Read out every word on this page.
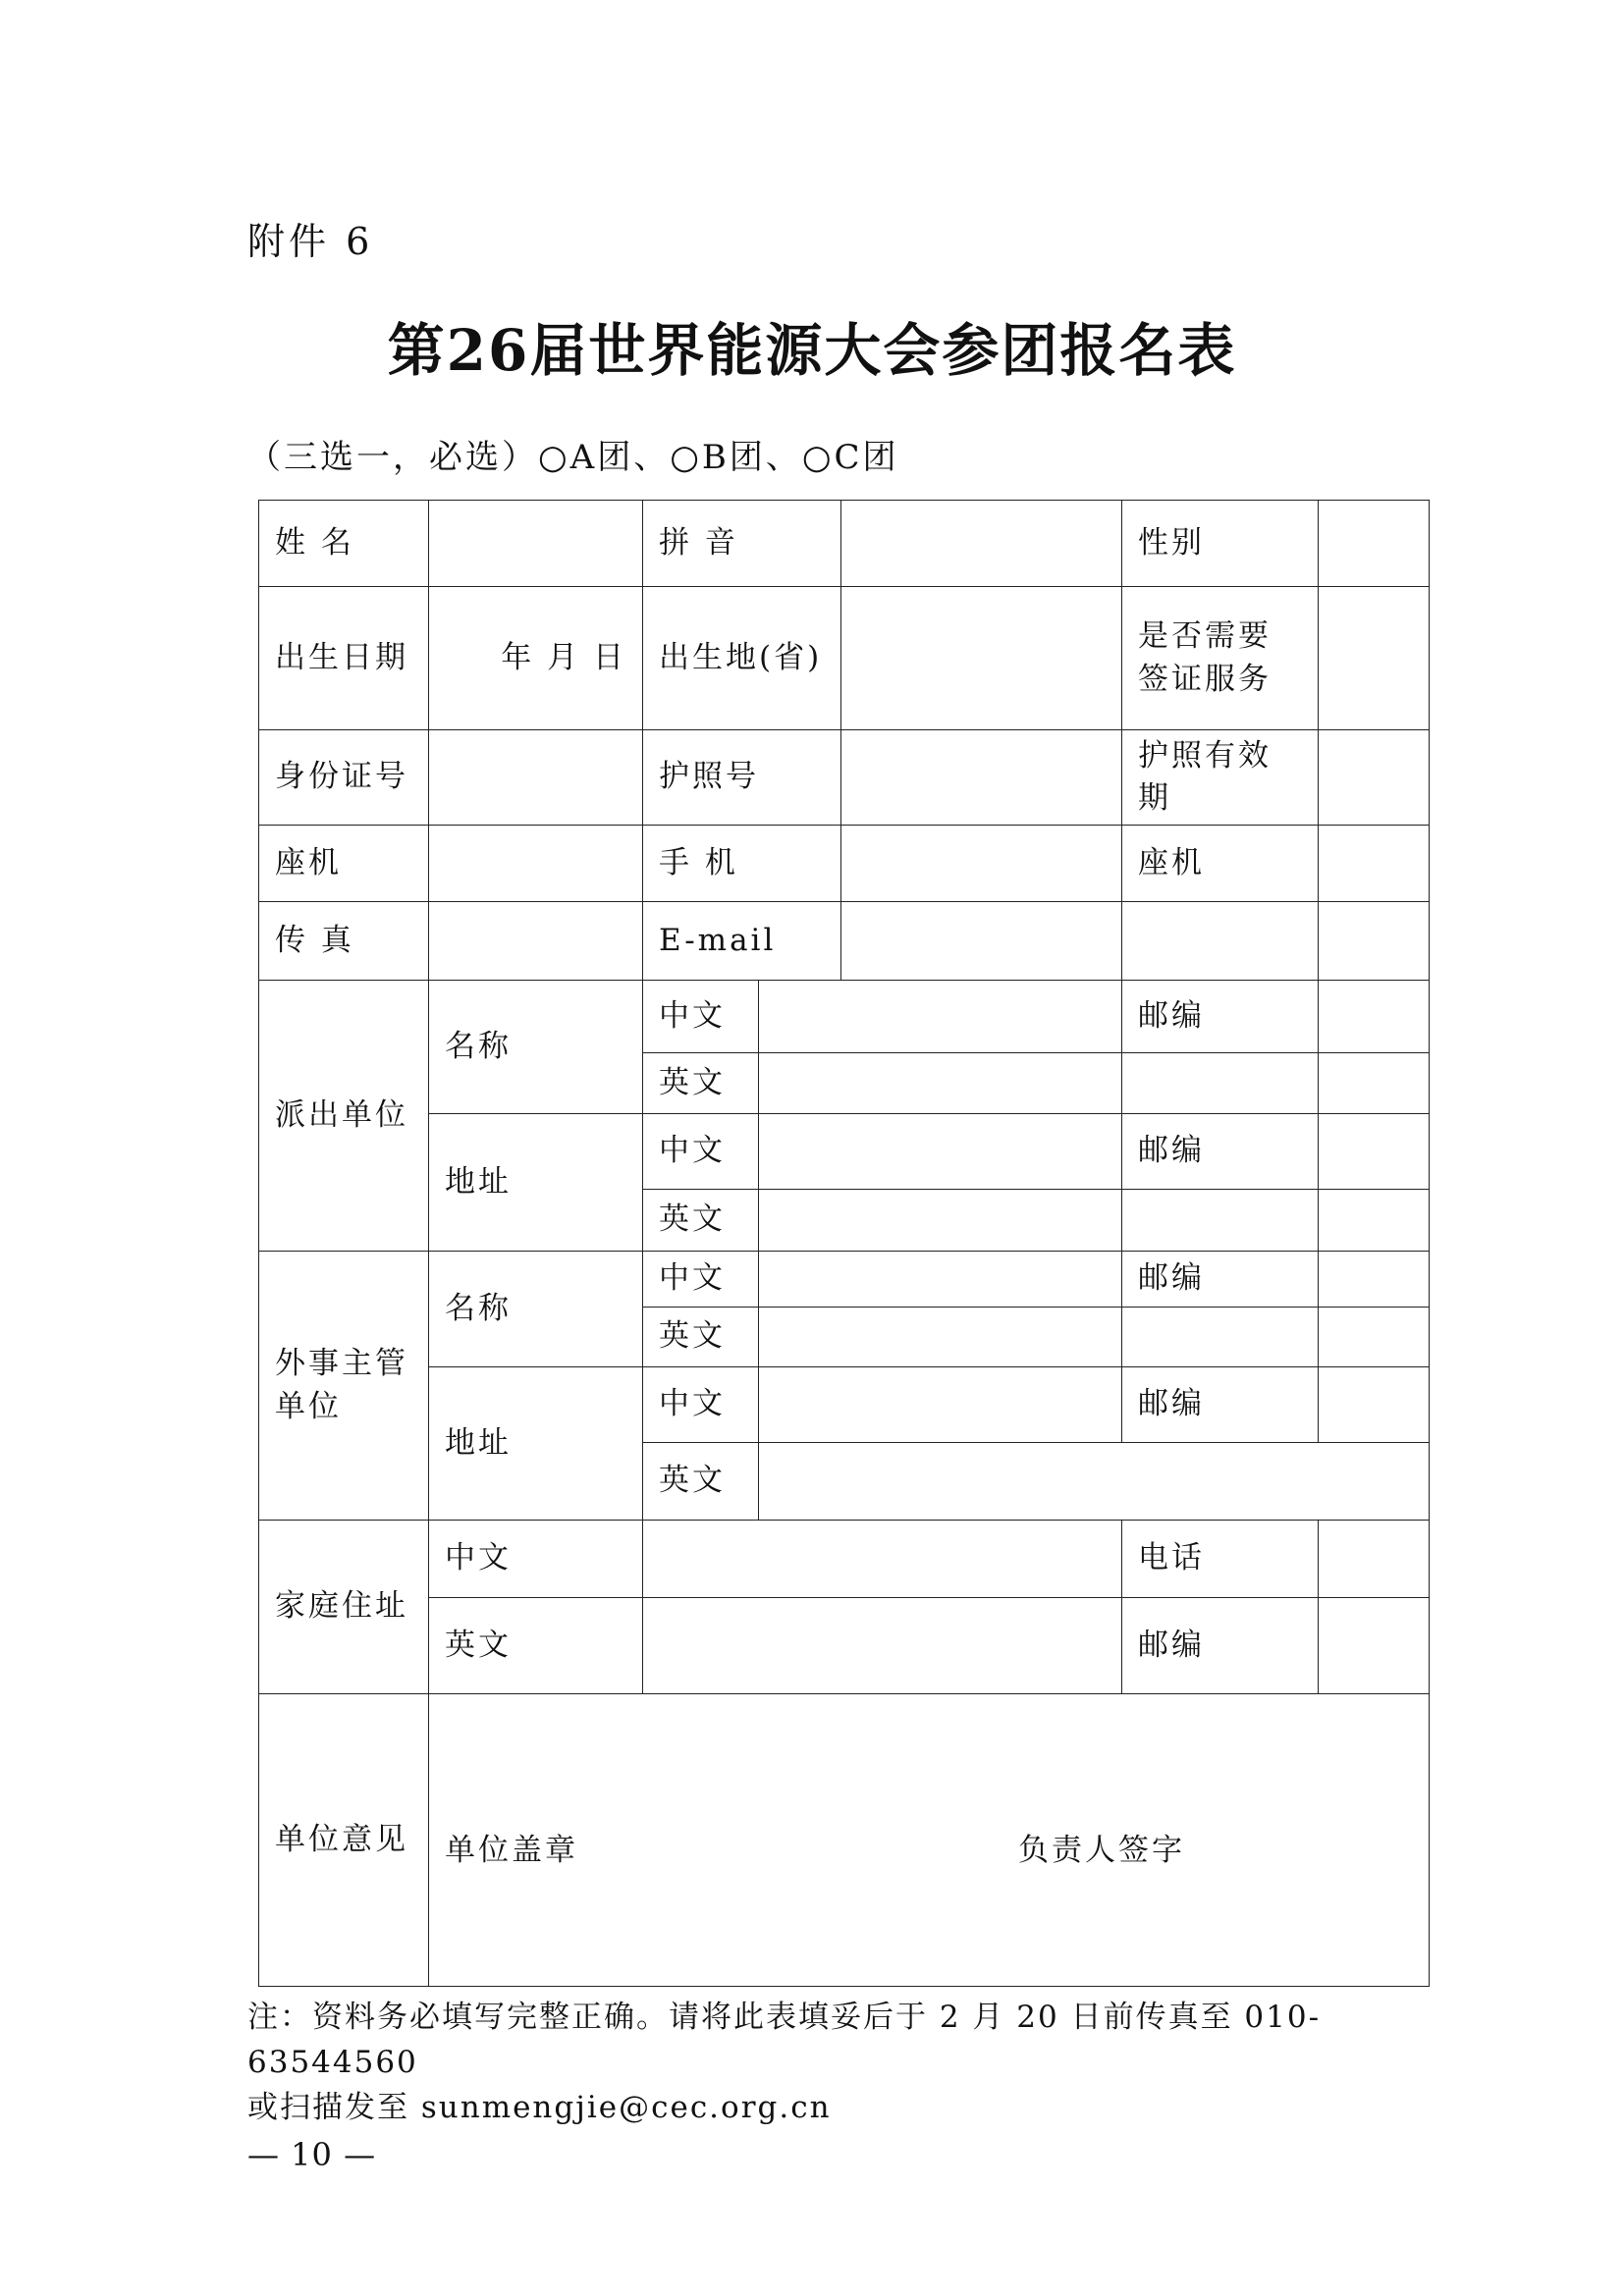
附件 6
第26届世界能源大会参团报名表
（三选一，必选）○A团、○B团、○C团
姓 名		拼 音			性别	
出生日期	年 月 日	出生地(省)			是否需要签证服务	
身份证号		护照号			护照有效期	
座机		手 机			座机	
传 真		E-mail				
派出单位	名称	中文			邮编	
		英文				
	地址	中文			邮编	
		英文				
外事主管单位	名称	中文			邮编	
		英文				
	地址	中文			邮编	
		英文				
家庭住址	中文				电话	
	英文				邮编	
单位意见	单位盖章 负责人签字					
注：资料务必填写完整正确。请将此表填妥后于 2 月 20 日前传真至 010-63544560
或扫描发至 sunmengjie@cec.org.cn
— 10 —
